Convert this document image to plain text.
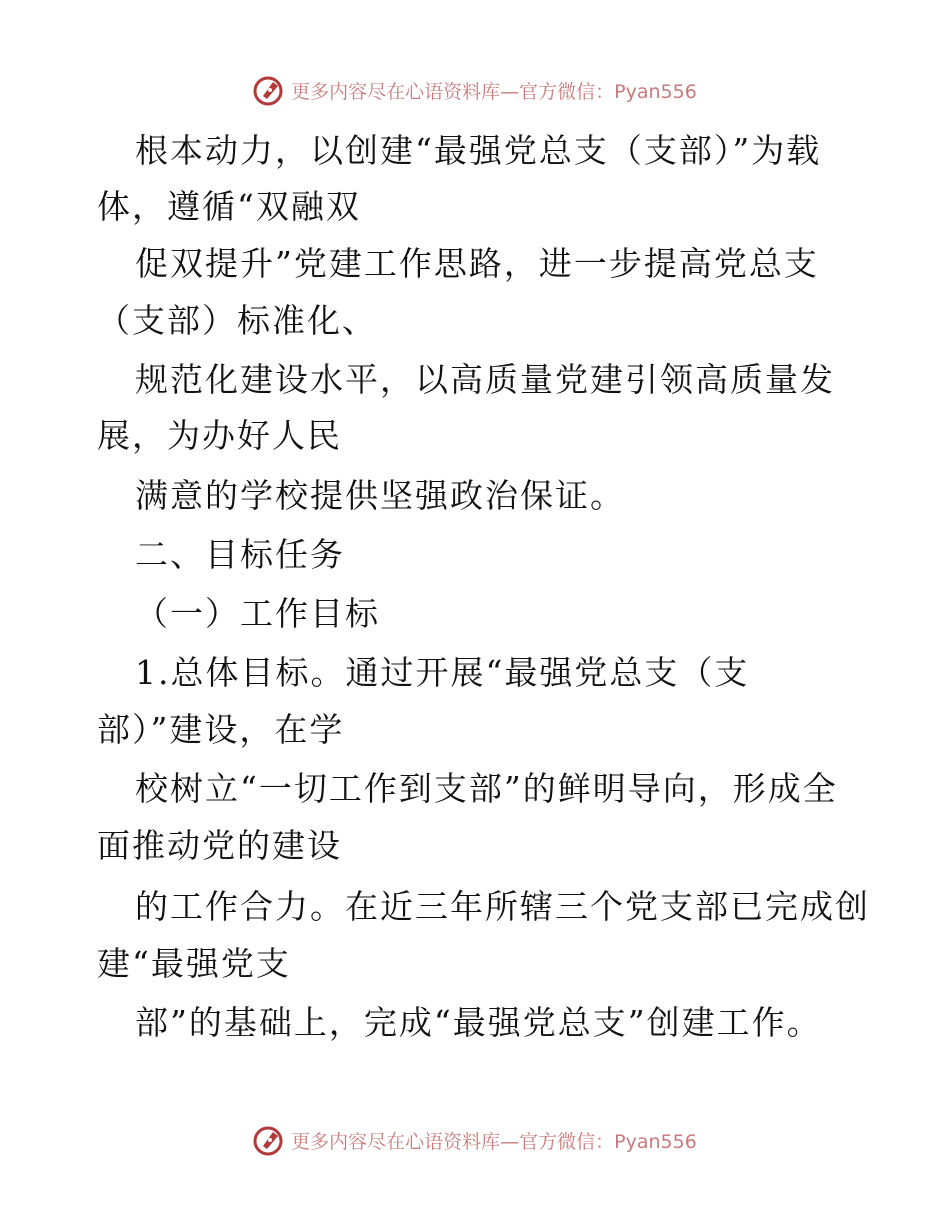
更多内容尽在心语资料库—官方微信：Pyan556
根本动力，以创建“最强党总支（支部）”为载
体，遵循“双融双
促双提升”党建工作思路，进一步提高党总支
（支部）标准化、
规范化建设水平，以高质量党建引领高质量发
展，为办好人民
满意的学校提供坚强政治保证。
二、目标任务
（一）工作目标
1.总体目标。通过开展“最强党总支（支
部）”建设，在学
校树立“一切工作到支部”的鲜明导向，形成全
面推动党的建设
的工作合力。在近三年所辖三个党支部已完成创
建“最强党支
部”的基础上，完成“最强党总支”创建工作。
更多内容尽在心语资料库—官方微信：Pyan556
